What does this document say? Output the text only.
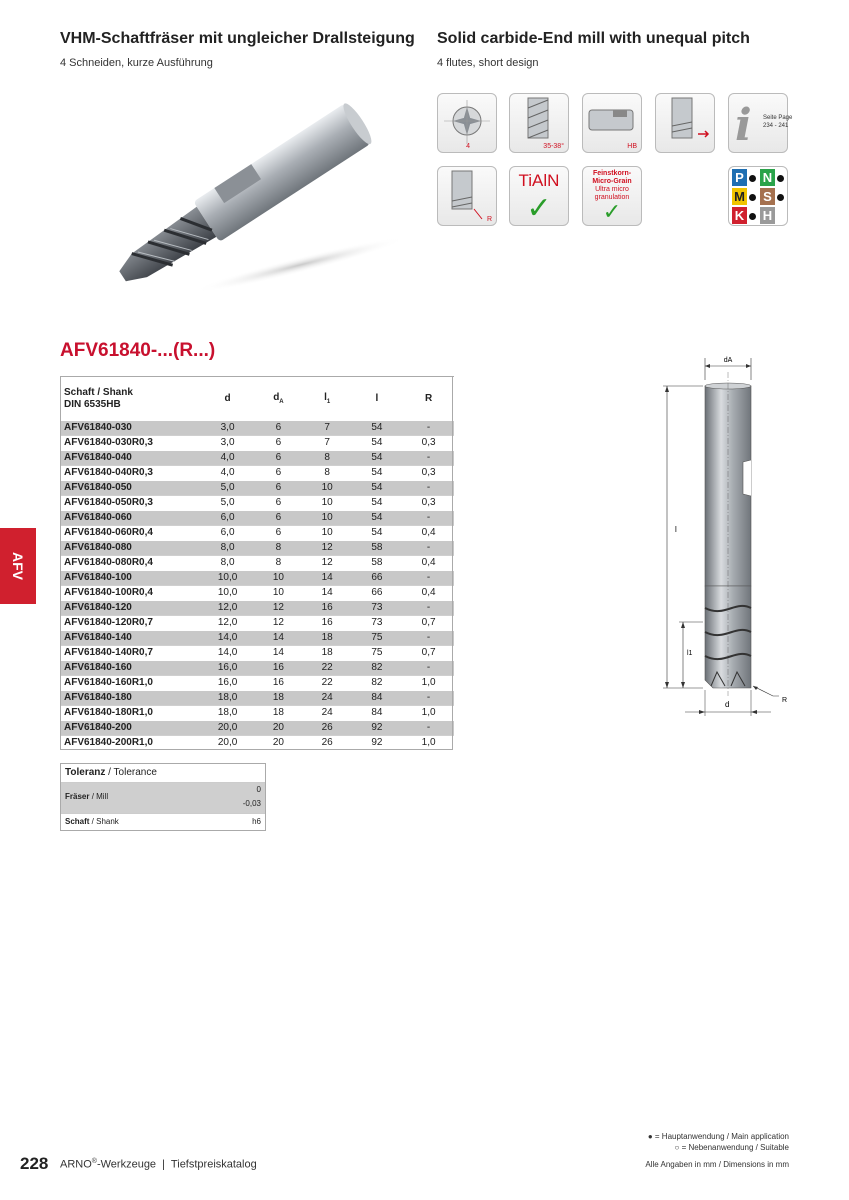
VHM-Schaftfräser mit ungleicher Drallsteigung
4 Schneiden, kurze Ausführung
Solid carbide-End mill with unequal pitch
4 flutes, short design
4	35-38°	HB i Seite Page
234 - 241
R
TiAlN
✓
Feinstkorn-
Micro-Grain
Ultra micro
granulation
✓
P N
M S
K H
AFV61840-...(R...)
AFV
Schaft / Shank
DIN 6535HB	d	$d_A$	$l_1$	l	R
AFV61840-030	3,0	6	7	54	-
AFV61840-030R0,3	3,0	6	7	54	0,3
AFV61840-040	4,0	6	8	54	-
AFV61840-040R0,3	4,0	6	8	54	0,3
AFV61840-050	5,0	6	10	54	-
AFV61840-050R0,3	5,0	6	10	54	0,3
AFV61840-060	6,0	6	10	54	-
AFV61840-060R0,4	6,0	6	10	54	0,4
AFV61840-080	8,0	8	12	58	-
AFV61840-080R0,4	8,0	8	12	58	0,4
AFV61840-100	10,0	10	14	66	-
AFV61840-100R0,4	10,0	10	14	66	0,4
AFV61840-120	12,0	12	16	73	-
AFV61840-120R0,7	12,0	12	16	73	0,7
AFV61840-140	14,0	14	18	75	-
AFV61840-140R0,7	14,0	14	18	75	0,7
AFV61840-160	16,0	16	22	82	-
AFV61840-160R1,0	16,0	16	22	82	1,0
AFV61840-180	18,0	18	24	84	-
AFV61840-180R1,0	18,0	18	24	84	1,0
AFV61840-200	20,0	20	26	92	-
AFV61840-200R1,0	20,0	20	26	92	1,0
Toleranz / Tolerance
Fräser / Mill
0
-0,03
Schaft / Shank	h6
dA
l
l1
d	R
● = Hauptanwendung / Main application
○ = Nebenanwendung / Suitable
228 ARNO®-Werkzeuge  |  Tiefstpreiskatalog	Alle Angaben in mm / Dimensions in mm
